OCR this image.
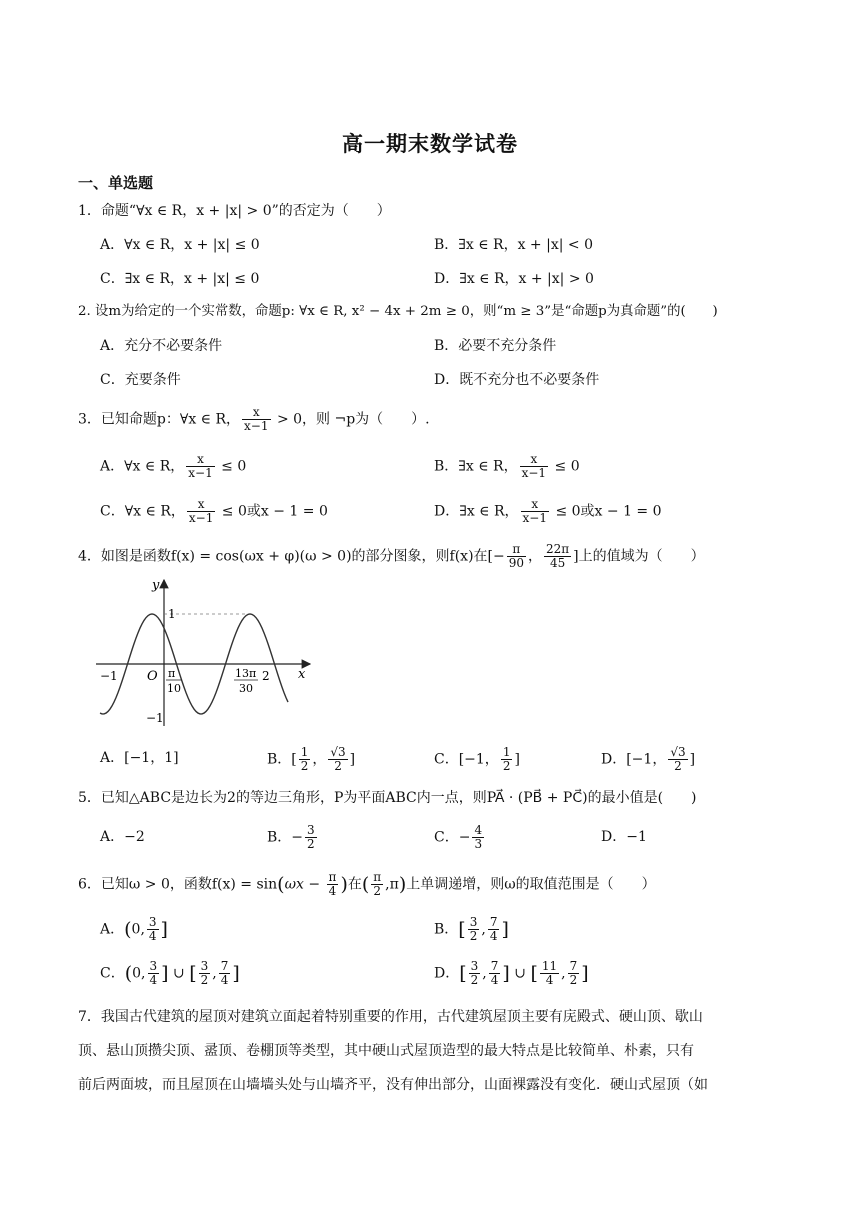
高一期末数学试卷
一、单选题
1．命题“∀x ∈ R，x + |x| > 0”的否定为（　　）
A．∀x ∈ R，x + |x| ≤ 0	B．∃x ∈ R，x + |x| < 0
C．∃x ∈ R，x + |x| ≤ 0	D．∃x ∈ R，x + |x| > 0
2. 设m为给定的一个实常数，命题p: ∀x ∈ R, x² − 4x + 2m ≥ 0，则“m ≥ 3”是“命题p为真命题”的(　　)
A．充分不必要条件	B．必要不充分条件
C．充要条件	D．既不充分也不必要条件
3．已知命题p：∀x ∈ R， $\frac{x}{x-1} > 0$，则 ¬p为（　　）.
A．∀x ∈ R， $\frac{x}{x-1} \le 0$	B．∃x ∈ R， $\frac{x}{x-1} \le 0$
C．∀x ∈ R， $\frac{x}{x-1} \le 0$或x − 1 = 0	D．∃x ∈ R， $\frac{x}{x-1} \le 0$或x − 1 = 0
4．如图是函数f(x) = cos(ωx + φ)(ω > 0)的部分图象，则f(x)在[− $\frac{\pi}{90}$ ， $\frac{22\pi}{45}$ ]上的值域为（　　）
y
x
1
−1
−1 O π
10
13π
30
2
A．[−1，1]	B．[ $\frac{1}{2}$ ， $\frac{√3}{2}$ ]	C．[−1， $\frac{1}{2}$ ]	D．[−1， $\frac{√3}{2}$ ]
5．已知△ABC是边长为2的等边三角形，P为平面ABC内一点，则PA⃗ · (PB⃗ + PC⃗)的最小值是(　　)
A．−2	B．− $\frac{3}{2}$	C．− $\frac{4}{3}$	D．−1
6．已知ω > 0，函数$f(x) = \sin(\omega x - \frac{\pi}{4}$ )在( $\frac{\pi}{2} ,\pi$)上单调递增，则ω的取值范围是（　　）
A．(0, $\frac{3}{4}$ ]	B．[ $\frac{3}{2}$ , $\frac{7}{4}$ ]
C．(0, $\frac{3}{4}$ ] ∪ [ $\frac{3}{2}$ , $\frac{7}{4}$ ]	D．[ $\frac{3}{2}$ , $\frac{7}{4}$ ] ∪ [ $\frac{11}{4}$ , $\frac{7}{2}$ ]
7．我国古代建筑的屋顶对建筑立面起着特别重要的作用，古代建筑屋顶主要有庑殿式、硬山顶、歇山
顶、悬山顶攒尖顶、盝顶、卷棚顶等类型，其中硬山式屋顶造型的最大特点是比较简单、朴素，只有
前后两面坡，而且屋顶在山墙墙头处与山墙齐平，没有伸出部分，山面裸露没有变化．硬山式屋顶（如
